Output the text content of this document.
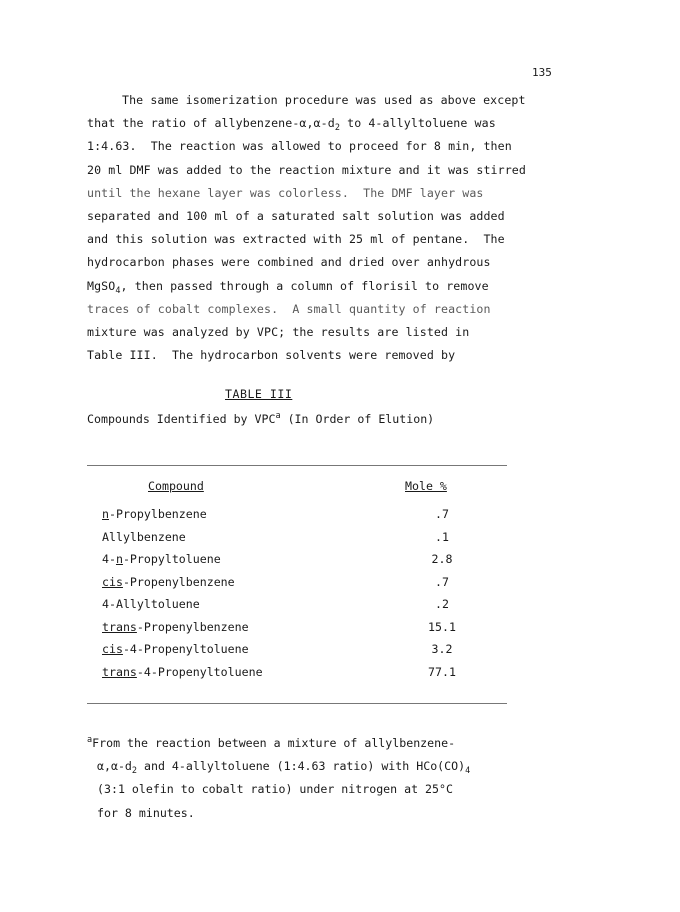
135
The same isomerization procedure was used as above except
that the ratio of allybenzene-$\alpha,\alpha-d_2$ to 4-allyltoluene was
1:4.63.  The reaction was allowed to proceed for 8 min, then
20 ml DMF was added to the reaction mixture and it was stirred
until the hexane layer was colorless.  The DMF layer was
separated and 100 ml of a saturated salt solution was added
and this solution was extracted with 25 ml of pentane.  The
hydrocarbon phases were combined and dried over anhydrous
MgSO$_4$, then passed through a column of florisil to remove
traces of cobalt complexes.  A small quantity of reaction
mixture was analyzed by VPC; the results are listed in
Table III.  The hydrocarbon solvents were removed by
TABLE III
Compounds Identified by VPC$^a$ (In Order of Elution)
Compound	Mole %
n-Propylbenzene	.7
Allylbenzene	.1
4-n-Propyltoluene	2.8
cis-Propenylbenzene	.7
4-Allyltoluene	.2
trans-Propenylbenzene	15.1
cis-4-Propenyltoluene	3.2
trans-4-Propenyltoluene	77.1
$^a$From the reaction between a mixture of allylbenzene-
$\alpha,\alpha-d_2$ and 4-allyltoluene (1:4.63 ratio) with $HCo(CO)_4$
(3:1 olefin to cobalt ratio) under nitrogen at 25°C
for 8 minutes.
